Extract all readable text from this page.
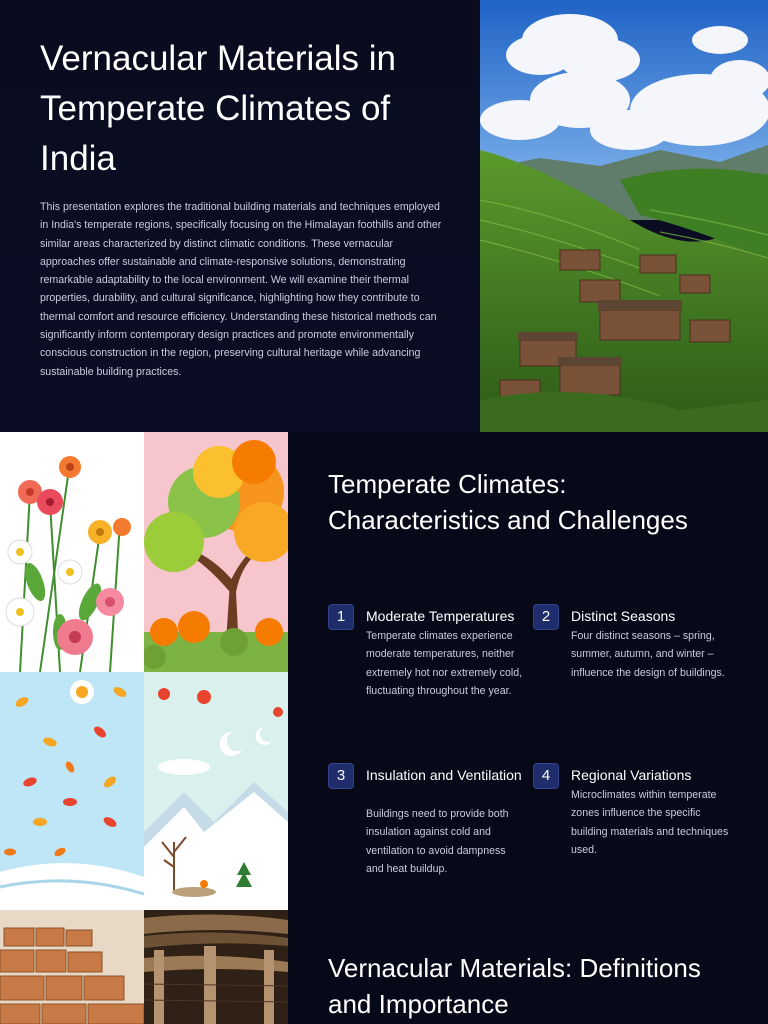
Vernacular Materials in Temperate Climates of India

This presentation explores the traditional building materials and techniques employed in India's temperate regions, specifically focusing on the Himalayan foothills and other similar areas characterized by distinct climatic conditions. These vernacular approaches offer sustainable and climate-responsive solutions, demonstrating remarkable adaptability to the local environment. We will examine their thermal properties, durability, and cultural significance, highlighting how they contribute to thermal comfort and resource efficiency. Understanding these historical methods can significantly inform contemporary design practices and promote environmentally conscious construction in the region, preserving cultural heritage while advancing sustainable building practices.

Temperate Climates: Characteristics and Challenges
1	Moderate Temperatures

Temperate climates experience moderate temperatures, neither extremely hot nor extremely cold, fluctuating throughout the year.

2	Distinct Seasons

Four distinct seasons – spring, summer, autumn, and winter – influence the design of buildings.

3	Insulation and Ventilation

Buildings need to provide both insulation against cold and ventilation to avoid dampness and heat buildup.

4	Regional Variations

Microclimates within temperate zones influence the specific building materials and techniques used.

Vernacular Materials: Definitions and Importance
